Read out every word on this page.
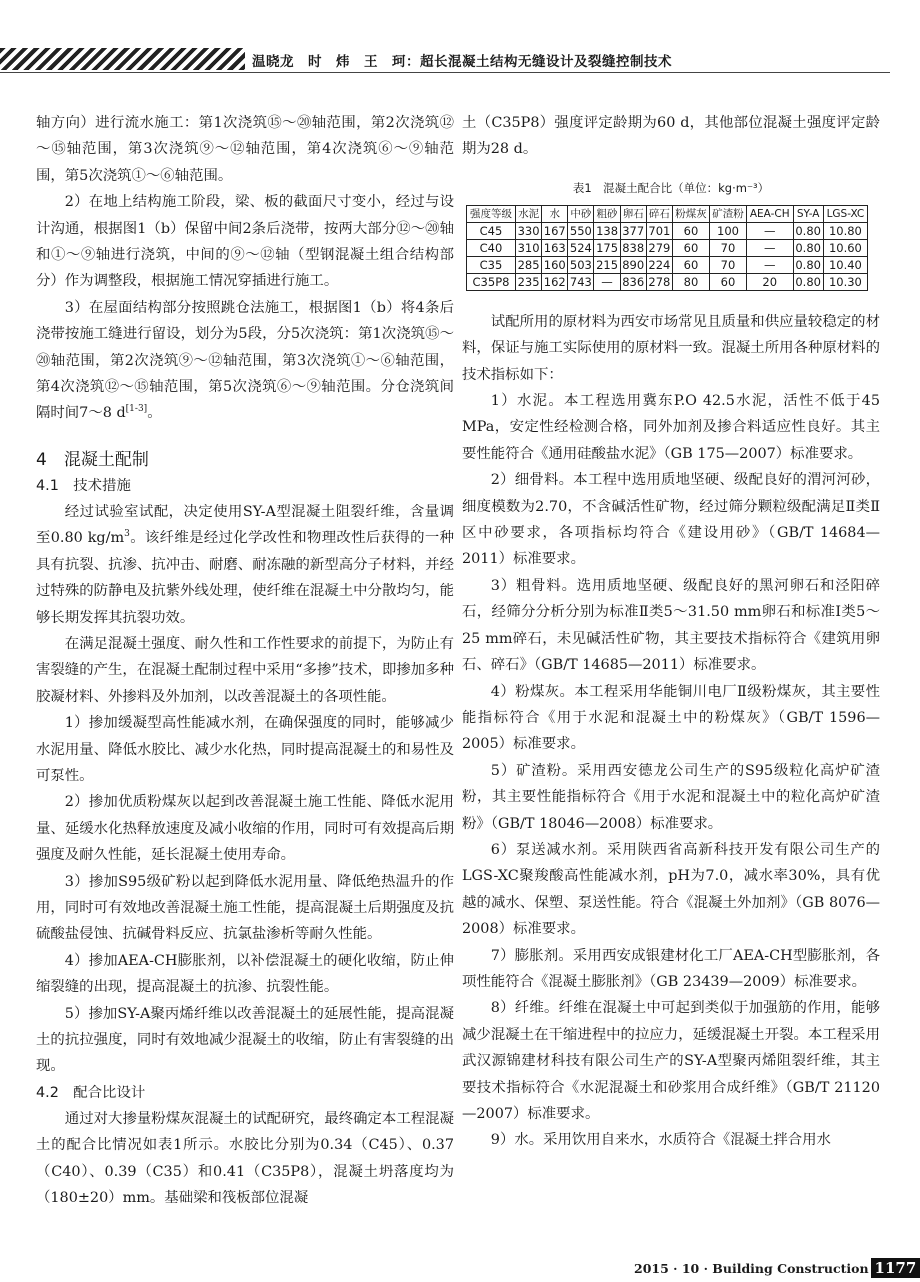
温晓龙　时　炜　王　珂：超长混凝土结构无缝设计及裂缝控制技术

轴方向）进行流水施工：第1次浇筑⑮～⑳轴范围，第2次浇筑⑫～⑮轴范围，第3次浇筑⑨～⑫轴范围，第4次浇筑⑥～⑨轴范围，第5次浇筑①～⑥轴范围。

2）在地上结构施工阶段，梁、板的截面尺寸变小，经过与设计沟通，根据图1（b）保留中间2条后浇带，按两大部分⑫～⑳轴和①～⑨轴进行浇筑，中间的⑨～⑫轴（型钢混凝土组合结构部分）作为调整段，根据施工情况穿插进行施工。

3）在屋面结构部分按照跳仓法施工，根据图1（b）将4条后浇带按施工缝进行留设，划分为5段，分5次浇筑：第1次浇筑⑮～⑳轴范围，第2次浇筑⑨～⑫轴范围，第3次浇筑①～⑥轴范围，第4次浇筑⑫～⑮轴范围，第5次浇筑⑥～⑨轴范围。分仓浇筑间隔时间7～8 d[1-3]。

4　混凝土配制
4.1　技术措施

经过试验室试配，决定使用SY-A型混凝土阻裂纤维，含量调至0.80 $kg/m^3$。该纤维是经过化学改性和物理改性后获得的一种具有抗裂、抗渗、抗冲击、耐磨、耐冻融的新型高分子材料，并经过特殊的防静电及抗紫外线处理，使纤维在混凝土中分散均匀，能够长期发挥其抗裂功效。

在满足混凝土强度、耐久性和工作性要求的前提下，为防止有害裂缝的产生，在混凝土配制过程中采用“多掺”技术，即掺加多种胶凝材料、外掺料及外加剂，以改善混凝土的各项性能。

1）掺加缓凝型高性能减水剂，在确保强度的同时，能够减少水泥用量、降低水胶比、减少水化热，同时提高混凝土的和易性及可泵性。

2）掺加优质粉煤灰以起到改善混凝土施工性能、降低水泥用量、延缓水化热释放速度及减小收缩的作用，同时可有效提高后期强度及耐久性能，延长混凝土使用寿命。

3）掺加S95级矿粉以起到降低水泥用量、降低绝热温升的作用，同时可有效地改善混凝土施工性能，提高混凝土后期强度及抗硫酸盐侵蚀、抗碱骨料反应、抗氯盐渗析等耐久性能。

4）掺加AEA-CH膨胀剂，以补偿混凝土的硬化收缩，防止伸缩裂缝的出现，提高混凝土的抗渗、抗裂性能。

5）掺加SY-A聚丙烯纤维以改善混凝土的延展性能，提高混凝土的抗拉强度，同时有效地减少混凝土的收缩，防止有害裂缝的出现。

4.2　配合比设计

通过对大掺量粉煤灰混凝土的试配研究，最终确定本工程混凝土的配合比情况如表1所示。水胶比分别为0.34（C45）、0.37（C40）、0.39（C35）和0.41（C35P8），混凝土坍落度均为（180±20）mm。基础梁和筏板部位混凝

土（C35P8）强度评定龄期为60 d，其他部位混凝土强度评定龄期为28 d。

表1　混凝土配合比（单位：kg·m⁻³）
强度等级	水泥	水	中砂	粗砂	卵石	碎石	粉煤灰	矿渣粉	AEA-CH	SY-A	LGS-XC
C45	330	167	550	138	377	701	60	100	—	0.80	10.80
C40	310	163	524	175	838	279	60	70	—	0.80	10.60
C35	285	160	503	215	890	224	60	70	—	0.80	10.40
C35P8	235	162	743	—	836	278	80	60	20	0.80	10.30

试配所用的原材料为西安市场常见且质量和供应量较稳定的材料，保证与施工实际使用的原材料一致。混凝土所用各种原材料的技术指标如下：

1）水泥。本工程选用冀东P.O 42.5水泥，活性不低于45 MPa，安定性经检测合格，同外加剂及掺合料适应性良好。其主要性能符合《通用硅酸盐水泥》（GB 175—2007）标准要求。

2）细骨料。本工程中选用质地坚硬、级配良好的渭河河砂，细度模数为2.70，不含碱活性矿物，经过筛分颗粒级配满足Ⅱ类Ⅱ区中砂要求，各项指标均符合《建设用砂》（GB/T 14684—2011）标准要求。

3）粗骨料。选用质地坚硬、级配良好的黑河卵石和泾阳碎石，经筛分分析分别为标准Ⅱ类5～31.50 mm卵石和标准Ⅰ类5～25 mm碎石，未见碱活性矿物，其主要技术指标符合《建筑用卵石、碎石》（GB/T 14685—2011）标准要求。

4）粉煤灰。本工程采用华能铜川电厂Ⅱ级粉煤灰，其主要性能指标符合《用于水泥和混凝土中的粉煤灰》（GB/T 1596—2005）标准要求。

5）矿渣粉。采用西安德龙公司生产的S95级粒化高炉矿渣粉，其主要性能指标符合《用于水泥和混凝土中的粒化高炉矿渣粉》（GB/T 18046—2008）标准要求。

6）泵送减水剂。采用陕西省高新科技开发有限公司生产的LGS-XC聚羧酸高性能减水剂，pH为7.0，减水率30%，具有优越的减水、保塑、泵送性能。符合《混凝土外加剂》（GB 8076—2008）标准要求。

7）膨胀剂。采用西安成银建材化工厂AEA-CH型膨胀剂，各项性能符合《混凝土膨胀剂》（GB 23439—2009）标准要求。

8）纤维。纤维在混凝土中可起到类似于加强筋的作用，能够减少混凝土在干缩进程中的拉应力，延缓混凝土开裂。本工程采用武汉源锦建材科技有限公司生产的SY-A型聚丙烯阻裂纤维，其主要技术指标符合《水泥混凝土和砂浆用合成纤维》（GB/T 21120—2007）标准要求。

9）水。采用饮用自来水，水质符合《混凝土拌合用水

2015 · 10 · Building Construction 1177
